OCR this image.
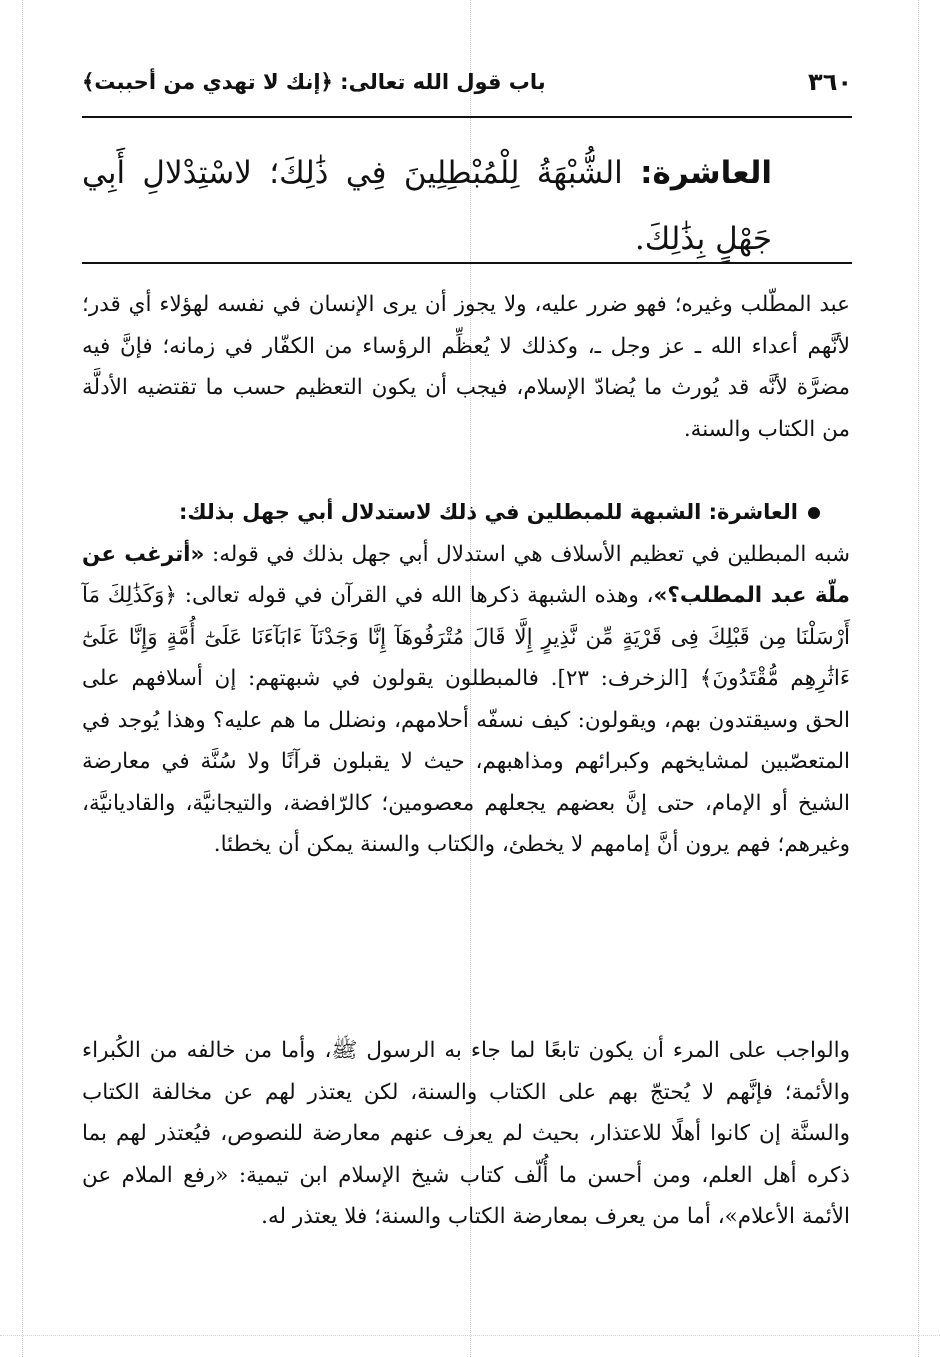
٣٦٠
باب قول الله تعالى: ﴿إنك لا تهدي من أحببت﴾
العاشرة: الشُّبْهَةُ لِلْمُبْطِلِينَ فِي ذَٰلِكَ؛ لاسْتِدْلالِ أَبِي جَهْلٍ بِذَٰلِكَ.

عبد المطّلب وغيره؛ فهو ضرر عليه، ولا يجوز أن يرى الإنسان في نفسه لهؤلاء أي قدر؛ لأنَّهم أعداء الله ـ عز وجل ـ، وكذلك لا يُعظِّم الرؤساء من الكفّار في زمانه؛ فإنَّ فيه مضرَّة لأنَّه قد يُورث ما يُضادّ الإسلام، فيجب أن يكون التعظيم حسب ما تقتضيه الأدلَّة من الكتاب والسنة.

العاشرة: الشبهة للمبطلين في ذلك لاستدلال أبي جهل بذلك:
شبه المبطلين في تعظيم الأسلاف هي استدلال أبي جهل بذلك في قوله: «أترغب عن ملّة عبد المطلب؟»، وهذه الشبهة ذكرها الله في القرآن في قوله تعالى: ﴿وَكَذَٰلِكَ مَآ أَرْسَلْنَا مِن قَبْلِكَ فِى قَرْيَةٍ مِّن نَّذِيرٍ إِلَّا قَالَ مُتْرَفُوهَآ إِنَّا وَجَدْنَآ ءَابَآءَنَا عَلَىٰٓ أُمَّةٍ وَإِنَّا عَلَىٰٓ ءَاثَٰرِهِم مُّقْتَدُونَ﴾ [الزخرف: ٢٣]. فالمبطلون يقولون في شبهتهم: إن أسلافهم على الحق وسيقتدون بهم، ويقولون: كيف نسفّه أحلامهم، ونضلل ما هم عليه؟ وهذا يُوجد في المتعصّبين لمشايخهم وكبرائهم ومذاهبهم، حيث لا يقبلون قرآنًا ولا سُنَّة في معارضة الشيخ أو الإمام، حتى إنَّ بعضهم يجعلهم معصومين؛ كالرّافضة، والتيجانيَّة، والقاديانيَّة، وغيرهم؛ فهم يرون أنَّ إمامهم لا يخطئ، والكتاب والسنة يمكن أن يخطئا.

والواجب على المرء أن يكون تابعًا لما جاء به الرسول ﷺ، وأما من خالفه من الكُبراء والأئمة؛ فإنَّهم لا يُحتجّ بهم على الكتاب والسنة، لكن يعتذر لهم عن مخالفة الكتاب والسنَّة إن كانوا أهلًا للاعتذار، بحيث لم يعرف عنهم معارضة للنصوص، فيُعتذر لهم بما ذكره أهل العلم، ومن أحسن ما أُلّف كتاب شيخ الإسلام ابن تيمية: «رفع الملام عن الأئمة الأعلام»، أما من يعرف بمعارضة الكتاب والسنة؛ فلا يعتذر له.
